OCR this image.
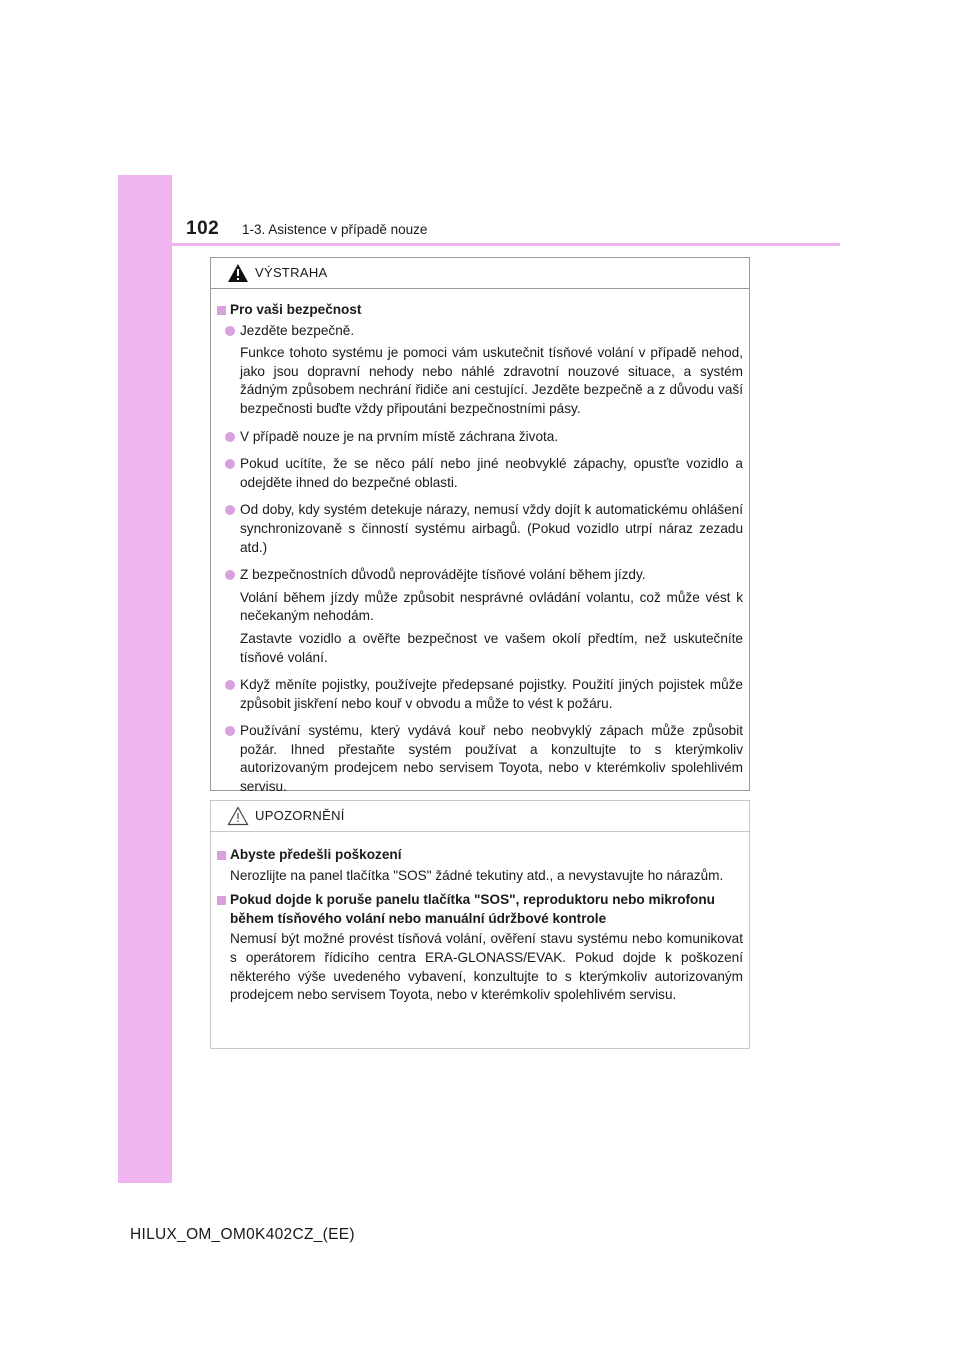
102 1-3. Asistence v případě nouze
VÝSTRAHA
Pro vaši bezpečnost

Jezděte bezpečně.

Funkce tohoto systému je pomoci vám uskutečnit tísňové volání v případě nehod, jako jsou dopravní nehody nebo náhlé zdravotní nouzové situace, a systém žádným způsobem nechrání řidiče ani cestující. Jezděte bezpečně a z důvodu vaší bezpečnosti buďte vždy připoutáni bezpečnostními pásy.

V případě nouze je na prvním místě záchrana života.

Pokud ucítíte, že se něco pálí nebo jiné neobvyklé zápachy, opusťte vozidlo a odejděte ihned do bezpečné oblasti.

Od doby, kdy systém detekuje nárazy, nemusí vždy dojít k automatickému ohlášení synchronizovaně s činností systému airbagů. (Pokud vozidlo utrpí náraz zezadu atd.)

Z bezpečnostních důvodů neprovádějte tísňové volání během jízdy.

Volání během jízdy může způsobit nesprávné ovládání volantu, což může vést k nečekaným nehodám.

Zastavte vozidlo a ověřte bezpečnost ve vašem okolí předtím, než uskutečníte tísňové volání.

Když měníte pojistky, používejte předepsané pojistky. Použití jiných pojistek může způsobit jiskření nebo kouř v obvodu a může to vést k požáru.

Používání systému, který vydává kouř nebo neobvyklý zápach může způsobit požár. Ihned přestaňte systém používat a konzultujte to s kterýmkoliv autorizovaným prodejcem nebo servisem Toyota, nebo v kterémkoliv spolehlivém servisu.

UPOZORNĚNÍ
Abyste předešli poškození
Nerozlijte na panel tlačítka "SOS" žádné tekutiny atd., a nevystavujte ho nárazům.
Pokud dojde k poruše panelu tlačítka "SOS", reproduktoru nebo mikrofonu během tísňového volání nebo manuální údržbové kontrole
Nemusí být možné provést tísňová volání, ověření stavu systému nebo komunikovat s operátorem řídicího centra ERA-GLONASS/EVAK. Pokud dojde k poškození některého výše uvedeného vybavení, konzultujte to s kterýmkoliv autorizovaným prodejcem nebo servisem Toyota, nebo v kterémkoliv spolehlivém servisu.
HILUX_OM_OM0K402CZ_(EE)
